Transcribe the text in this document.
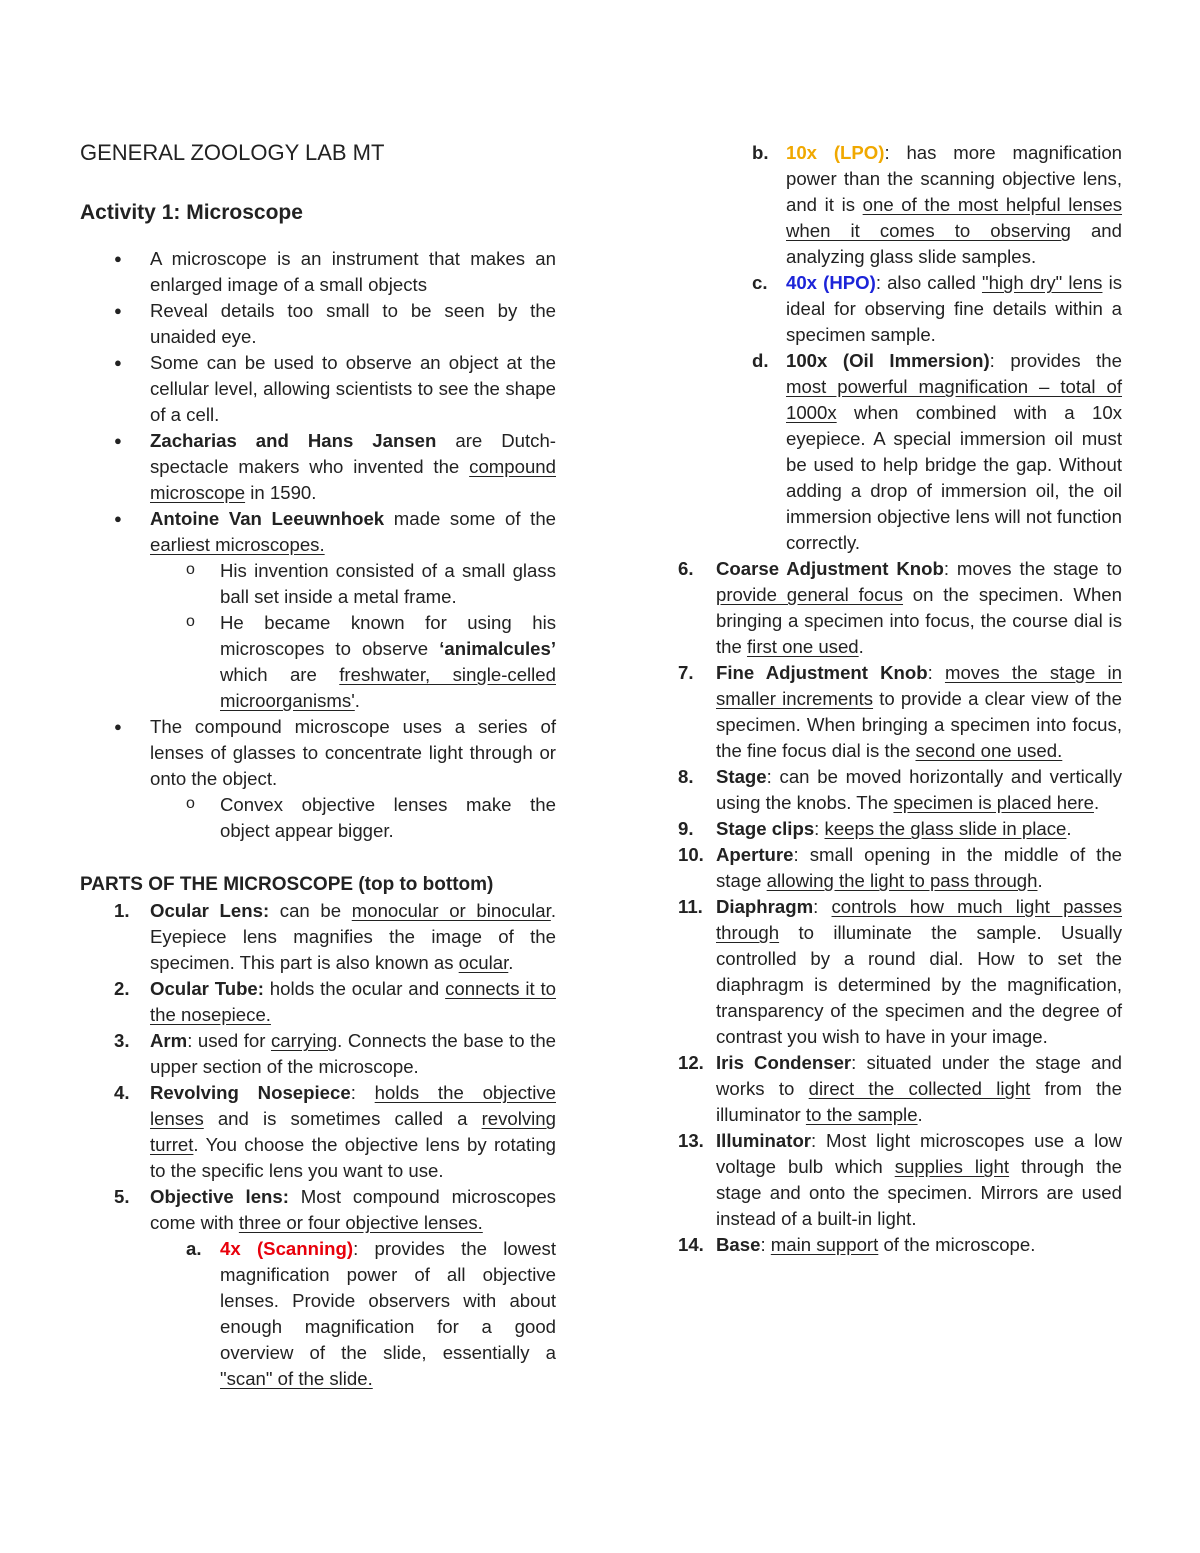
GENERAL ZOOLOGY LAB MT
Activity 1: Microscope
● A microscope is an instrument that makes an enlarged image of a small objects
● Reveal details too small to be seen by the unaided eye.
● Some can be used to observe an object at the cellular level, allowing scientists to see the shape of a cell.
● Zacharias and Hans Jansen are Dutch-spectacle makers who invented the compound microscope in 1590.
● Antoine Van Leeuwnhoek made some of the earliest microscopes.
o His invention consisted of a small glass ball set inside a metal frame.
o He became known for using his microscopes to observe ‘animalcules’ which are freshwater, single-celled microorganisms'.
● The compound microscope uses a series of lenses of glasses to concentrate light through or onto the object.
o Convex objective lenses make the object appear bigger.
PARTS OF THE MICROSCOPE (top to bottom)
1. Ocular Lens: can be monocular or binocular. Eyepiece lens magnifies the image of the specimen. This part is also known as ocular.
2. Ocular Tube: holds the ocular and connects it to the nosepiece.
3. Arm: used for carrying. Connects the base to the upper section of the microscope.
4. Revolving Nosepiece: holds the objective lenses and is sometimes called a revolving turret. You choose the objective lens by rotating to the specific lens you want to use.
5. Objective lens: Most compound microscopes come with three or four objective lenses.
a. 4x (Scanning): provides the lowest magnification power of all objective lenses. Provide observers with about enough magnification for a good overview of the slide, essentially a "scan" of the slide.
b. 10x (LPO): has more magnification power than the scanning objective lens, and it is one of the most helpful lenses when it comes to observing and analyzing glass slide samples.
c. 40x (HPO): also called "high dry" lens is ideal for observing fine details within a specimen sample.
d. 100x (Oil Immersion): provides the most powerful magnification – total of 1000x when combined with a 10x eyepiece. A special immersion oil must be used to help bridge the gap. Without adding a drop of immersion oil, the oil immersion objective lens will not function correctly.
6. Coarse Adjustment Knob: moves the stage to provide general focus on the specimen. When bringing a specimen into focus, the course dial is the first one used.
7. Fine Adjustment Knob: moves the stage in smaller increments to provide a clear view of the specimen. When bringing a specimen into focus, the fine focus dial is the second one used.
8. Stage: can be moved horizontally and vertically using the knobs. The specimen is placed here.
9. Stage clips: keeps the glass slide in place.
10. Aperture: small opening in the middle of the stage allowing the light to pass through.
11. Diaphragm: controls how much light passes through to illuminate the sample. Usually controlled by a round dial. How to set the diaphragm is determined by the magnification, transparency of the specimen and the degree of contrast you wish to have in your image.
12. Iris Condenser: situated under the stage and works to direct the collected light from the illuminator to the sample.
13. Illuminator: Most light microscopes use a low voltage bulb which supplies light through the stage and onto the specimen. Mirrors are used instead of a built-in light.
14. Base: main support of the microscope.
